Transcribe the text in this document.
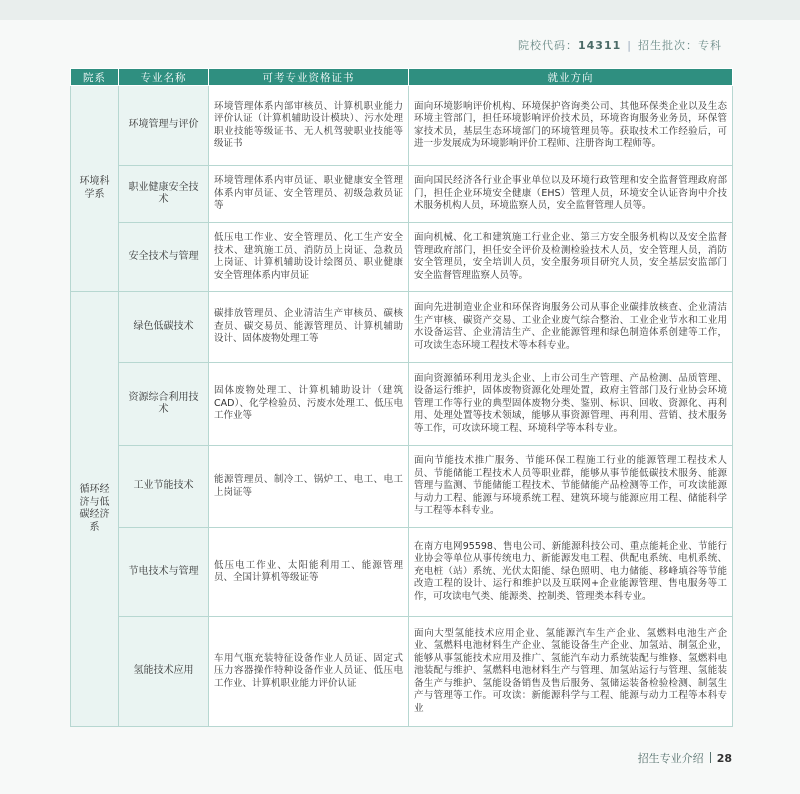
院校代码：14311 | 招生批次：专科
院系	专业名称	可考专业资格证书	就业方向
环境科学系	环境管理与评价	环境管理体系内部审核员、计算机职业能力评价认证（计算机辅助设计模块）、污水处理职业技能等级证书、无人机驾驶职业技能等级证书	面向环境影响评价机构、环境保护咨询类公司、其他环保类企业以及生态环境主管部门，担任环境影响评价技术员，环境咨询服务业务员，环保管家技术员，基层生态环境部门的环境管理员等。获取技术工作经验后，可进一步发展成为环境影响评价工程师、注册咨询工程师等。
	职业健康安全技术	环境管理体系内审员证、职业健康安全管理体系内审员证、安全管理员、初级急救员证等	面向国民经济各行业企事业单位以及环境行政管理和安全监督管理政府部门，担任企业环境安全健康（EHS）管理人员，环境安全认证咨询中介技术服务机构人员，环境监察人员，安全监督管理人员等。
	安全技术与管理	低压电工作业、安全管理员、化工生产安全技术、建筑施工员、消防员上岗证、急救员上岗证、计算机辅助设计绘图员、职业健康安全管理体系内审员证	面向机械、化工和建筑施工行业企业、第三方安全服务机构以及安全监督管理政府部门，担任安全评价及检测检验技术人员，安全管理人员，消防安全管理员，安全培训人员，安全服务项目研究人员，安全基层安监部门安全监督管理监察人员等。
循环经济与低碳经济系	绿色低碳技术	碳排放管理员、企业清洁生产审核员、碳核查员、碳交易员、能源管理员、计算机辅助设计、固体废物处理工等	面向先进制造业企业和环保咨询服务公司从事企业碳排放核查、企业清洁生产审核、碳资产交易、工业企业废气综合整治、工业企业节水和工业用水设备运营、企业清洁生产、企业能源管理和绿色制造体系创建等工作，可攻读生态环境工程技术等本科专业。
	资源综合利用技术	固体废物处理工、计算机辅助设计（建筑CAD）、化学检验员、污废水处理工、低压电工作业等	面向资源循环利用龙头企业、上市公司生产管理、产品检测、品质管理、设备运行维护，固体废物资源化处理处置，政府主管部门及行业协会环境管理工作等行业的典型固体废物分类、鉴别、标识、回收、资源化、再利用、处理处置等技术领域，能够从事资源管理、再利用、营销、技术服务等工作，可攻读环境工程、环境科学等本科专业。
	工业节能技术	能源管理员、制冷工、锅炉工、电工、电工上岗证等	面向节能技术推广服务、节能环保工程施工行业的能源管理工程技术人员、节能储能工程技术人员等职业群，能够从事节能低碳技术服务、能源管理与监测、节能储能工程技术、节能储能产品检测等工作，可攻读能源与动力工程、能源与环境系统工程、建筑环境与能源应用工程、储能科学与工程等本科专业。
	节电技术与管理	低压电工作业、太阳能利用工、能源管理员、全国计算机等级证等	在南方电网95598、售电公司、新能源科技公司、重点能耗企业、节能行业协会等单位从事传统电力、新能源发电工程、供配电系统、电机系统、充电桩（站）系统、光伏太阳能、绿色照明、电力储能、移峰填谷等节能改造工程的设计、运行和维护以及互联网+企业能源管理、售电服务等工作，可攻读电气类、能源类、控制类、管理类本科专业。
	氢能技术应用	车用气瓶充装特征设备作业人员证、固定式压力容器操作特种设备作业人员证、低压电工作业、计算机职业能力评价认证	面向大型氢能技术应用企业、氢能源汽车生产企业、氢燃料电池生产企业、氢燃料电池材料生产企业、氢能设备生产企业、加氢站、制氢企业，能够从事氢能技术应用及推广、氢能汽车动力系统装配与维修、氢燃料电池装配与维护、氢燃料电池材料生产与管理、加氢站运行与管理、氢能装备生产与维护、氢能设备销售及售后服务、氢储运装备检验检测、制氢生产与管理等工作。可攻读：新能源科学与工程、能源与动力工程等本科专业
招生专业介绍 28
